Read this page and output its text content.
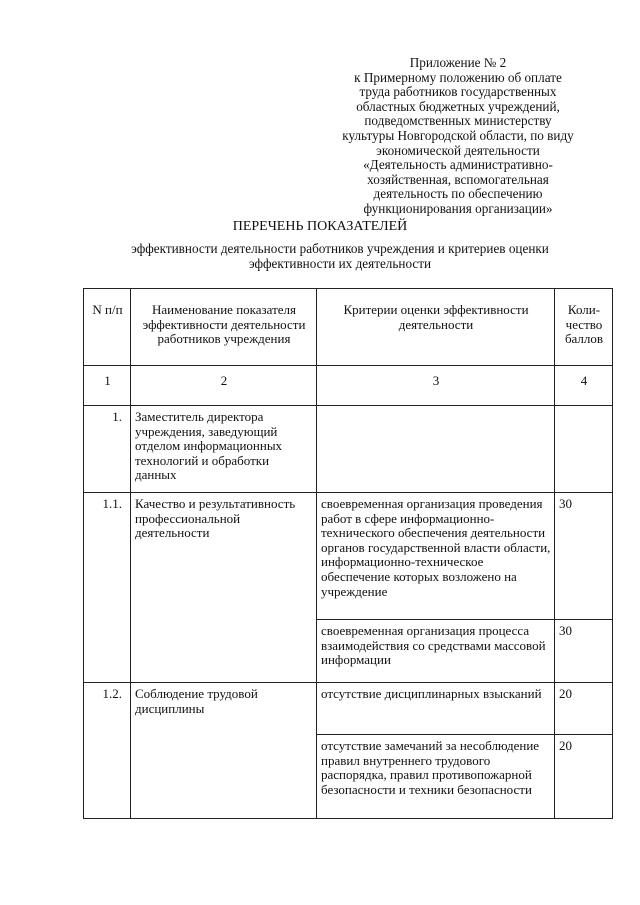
Приложение № 2
к Примерному положению об оплате
труда работников государственных
областных бюджетных учреждений,
подведомственных министерству
культуры Новгородской области, по виду
экономической деятельности
«Деятельность административно-
хозяйственная, вспомогательная
деятельность по обеспечению
функционирования организации»
ПЕРЕЧЕНЬ ПОКАЗАТЕЛЕЙ
эффективности деятельности работников учреждения и критериев оценки эффективности их деятельности
N п/п	Наименование показателя эффективности деятельности работников учреждения	Критерии оценки эффективности деятельности	Коли-
чество
баллов

1	2	3	4

1.	Заместитель директора учреждения, заведующий отделом информационных технологий и обработки данных		

1.1.	Качество и результативность профессиональной деятельности	своевременная организация проведения работ в сфере информационно-технического обеспечения деятельности органов государственной власти области, информационно-техническое обеспечение которых возложено на учреждение	30

		своевременная организация процесса взаимодействия со средствами массовой информации	30

1.2.	Соблюдение трудовой дисциплины	отсутствие дисциплинарных взысканий	20

		отсутствие замечаний за несоблюдение правил внутреннего трудового распорядка, правил противопожарной безопасности и техники безопасности	20
